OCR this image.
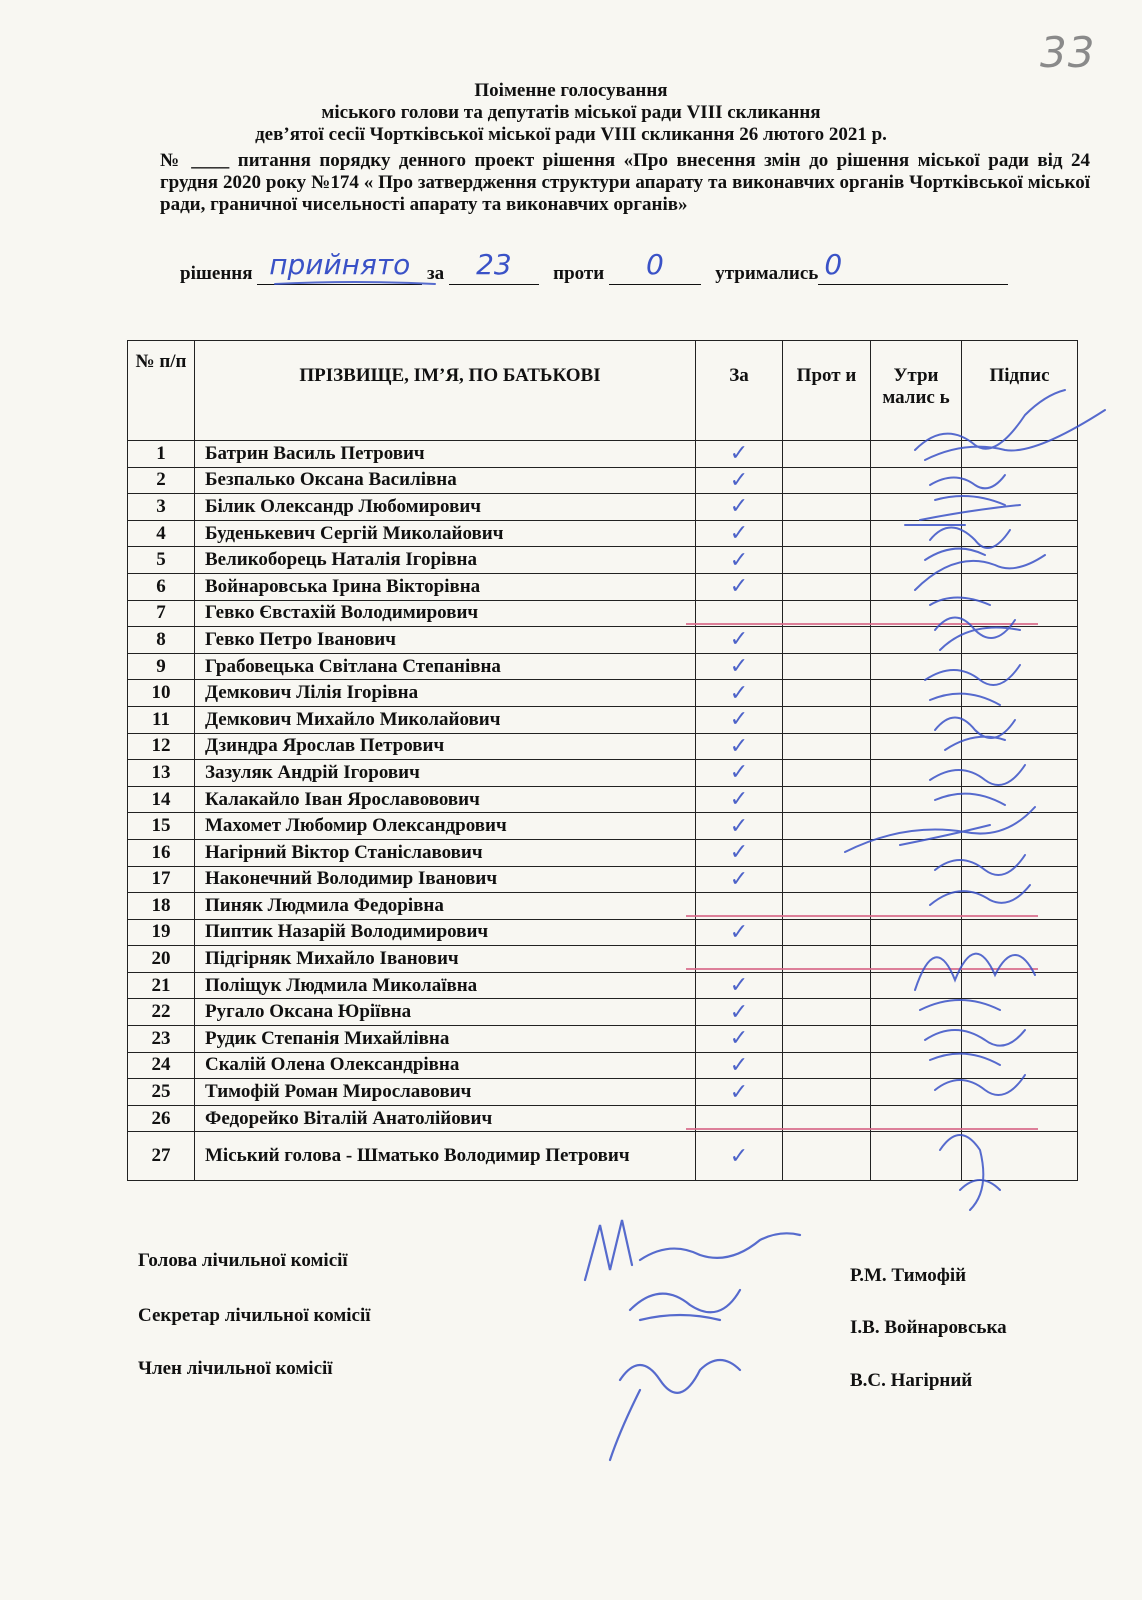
33
Поіменне голосування
міського голови та депутатів міської ради VIII скликання
дев’ятої сесії Чортківської міської ради VIII скликання 26 лютого 2021 р.
№ ____ питання порядку денного проект рішення «Про внесення змін до рішення міської ради від 24 грудня 2020 року №174 « Про затвердження структури апарату та виконавчих органів Чортківської міської ради, граничної чисельності апарату та виконавчих органів»
рішення прийнято за	23	проти	0	утримались 0
№ п/п	ПРІЗВИЩЕ, ІМ’Я, ПО БАТЬКОВІ	За	Прот и	Утри малис ь	Підпис
1	Батрин Василь Петрович	✓			
2	Безпалько Оксана Василівна	✓			
3	Білик Олександр Любомирович	✓			
4	Буденькевич Сергій Миколайович	✓			
5	Великоборець Наталія Ігорівна	✓			
6	Войнаровська Ірина Вікторівна	✓			
7	Гевко Євстахій Володимирович				
8	Гевко Петро Іванович	✓			
9	Грабовецька Світлана Степанівна	✓			
10	Демкович Лілія Ігорівна	✓			
11	Демкович Михайло Миколайович	✓			
12	Дзиндра Ярослав Петрович	✓			
13	Зазуляк Андрій Ігорович	✓			
14	Калакайло Іван Ярославовович	✓			
15	Махомет Любомир Олександрович	✓			
16	Нагірний Віктор Станіславович	✓			
17	Наконечний Володимир Іванович	✓			
18	Пиняк Людмила Федорівна				
19	Пиптик Назарій Володимирович	✓			
20	Підгірняк Михайло Іванович				
21	Поліщук Людмила Миколаївна	✓			
22	Ругало Оксана Юріївна	✓			
23	Рудик Степанія Михайлівна	✓			
24	Скалій Олена Олександрівна	✓			
25	Тимофій Роман Мирославович	✓			
26	Федорейко Віталій Анатолійович				
27	Міський голова - Шматько Володимир Петрович	✓			
Голова лічильної комісії
Р.М. Тимофій
Секретар лічильної комісії
І.В. Войнаровська
Член лічильної комісії
В.С. Нагірний
